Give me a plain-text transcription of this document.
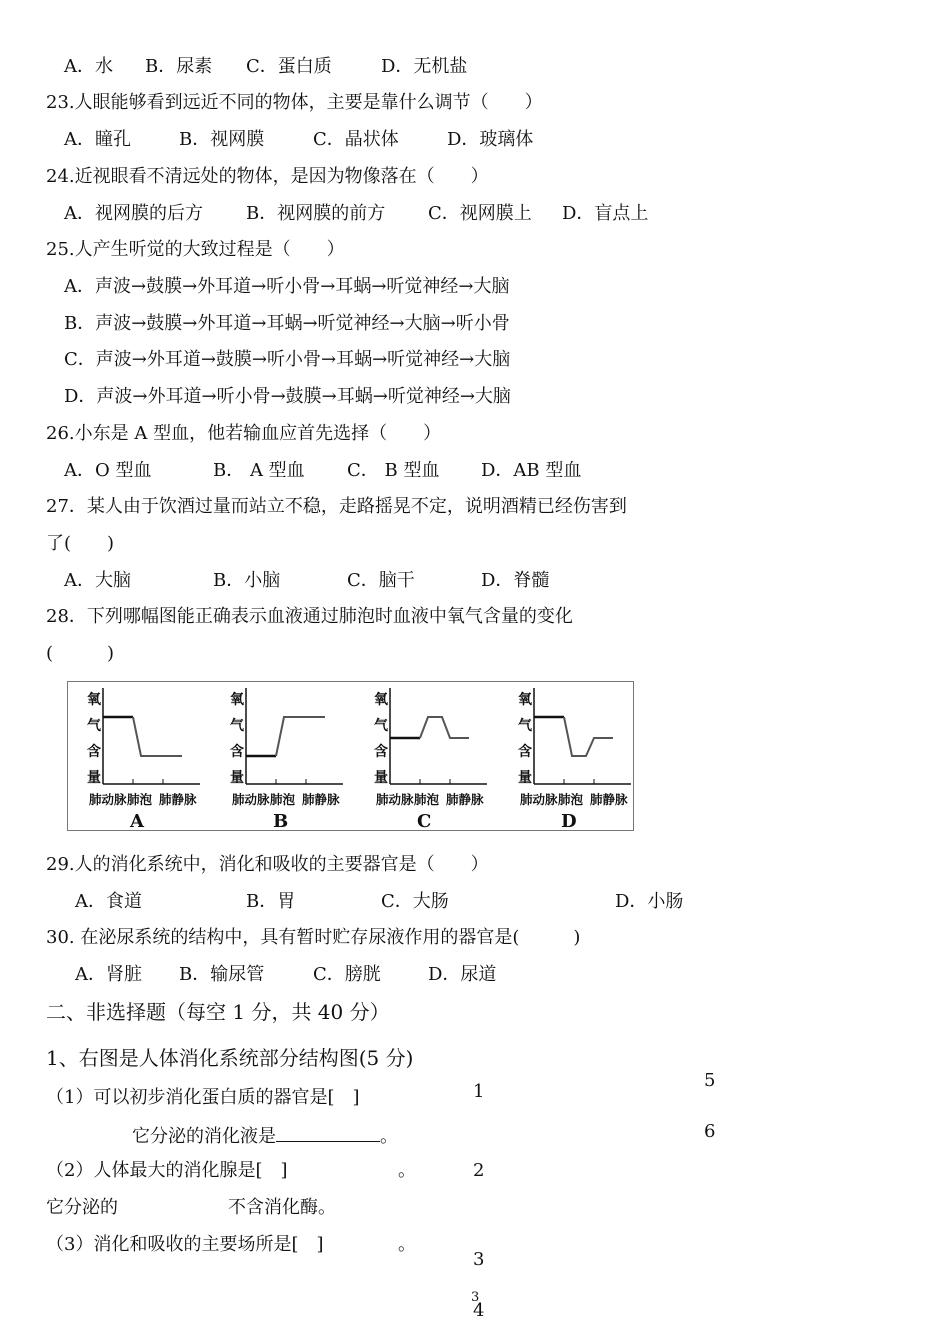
A．水 B．尿素 C．蛋白质	D．无机盐
23.人眼能够看到远近不同的物体，主要是靠什么调节（　　）
A．瞳孔	B．视网膜	C．晶状体	D．玻璃体
24.近视眼看不清远处的物体，是因为物像落在（　　）
A．视网膜的后方 B．视网膜的前方 C．视网膜上 D．盲点上
25.人产生听觉的大致过程是（　　）
A．声波→鼓膜→外耳道→听小骨→耳蜗→听觉神经→大脑
B．声波→鼓膜→外耳道→耳蜗→听觉神经→大脑→听小骨
C．声波→外耳道→鼓膜→听小骨→耳蜗→听觉神经→大脑
D．声波→外耳道→听小骨→鼓膜→耳蜗→听觉神经→大脑
26.小东是 A 型血，他若输血应首先选择（　　）
A．O 型血	B． A 型血 C． B 型血 D．AB 型血
27．某人由于饮酒过量而站立不稳，走路摇晃不定，说明酒精已经伤害到
了(　　)
A．大脑	B．小脑	C．脑干	D．脊髓
28．下列哪幅图能正确表示血液通过肺泡时血液中氧气含量的变化
(　　　)
氧
气
含
量
肺动脉 肺泡 肺静脉
A
氧
气
含
量
肺动脉 肺泡 肺静脉
B
氧
气
含
量
肺动脉 肺泡 肺静脉
C
氧
气
含
量
肺动脉 肺泡 肺静脉
D
29.人的消化系统中，消化和吸收的主要器官是（　　）
A．食道	B．胃	C．大肠	D．小肠
30. 在泌尿系统的结构中，具有暂时贮存尿液作用的器官是(　　　)
A．肾脏 B．输尿管	C．膀胱	D．尿道
二、非选择题（每空 1 分，共 40 分）
1、右图是人体消化系统部分结构图(5 分)
（1）可以初步消化蛋白质的器官是[　]
它分泌的消化液是	。
（2）人体最大的消化腺是[　]	。
它分泌的	不含消化酶。
（3）消化和吸收的主要场所是[　]	。
1
2
3
4
5
6
3
